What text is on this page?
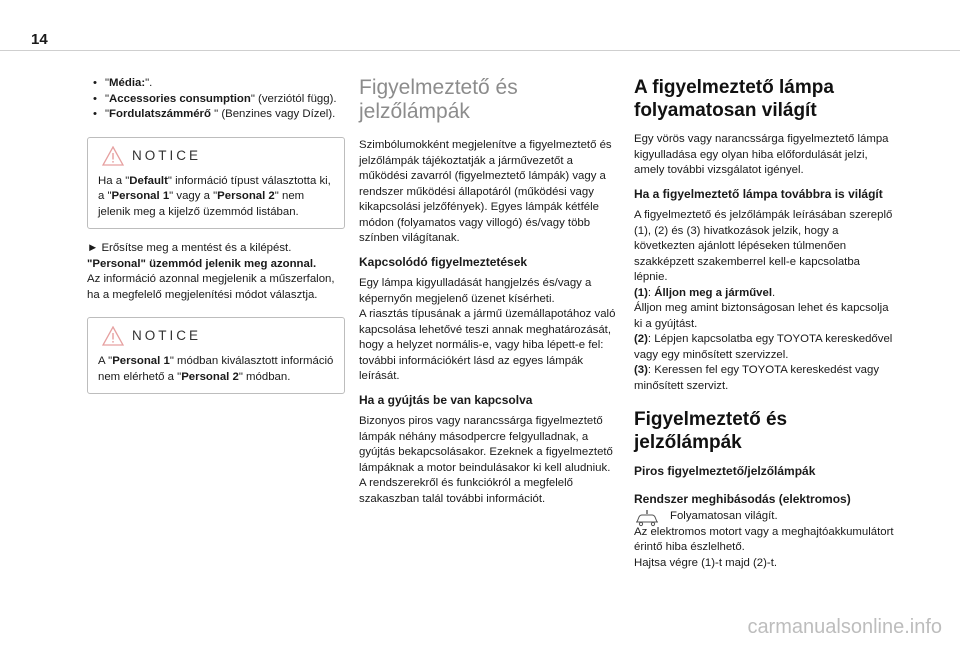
14
• "Média:".
• "Accessories consumption" (verziótól függ).
• "Fordulatszámmérő " (Benzines vagy Dízel).
NOTICE

Ha a "Default" információ típust választotta ki, a "Personal 1" vagy a "Personal 2" nem jelenik meg a kijelző üzemmód listában.

► Erősítse meg a mentést és a kilépést.

"Personal" üzemmód jelenik meg azonnal.

Az információ azonnal megjelenik a műszerfalon, ha a megfelelő megjelenítési módot választja.

NOTICE

A "Personal 1" módban kiválasztott információ nem elérhető a "Personal 2" módban.

Figyelmeztető és jelzőlámpák

Szimbólumokként megjelenítve a figyelmeztető és jelzőlámpák tájékoztatják a járművezetőt a működési zavarról (figyelmeztető lámpák) vagy a rendszer működési állapotáról (működési vagy kikapcsolási jelzőfények). Egyes lámpák kétféle módon (folyamatos vagy villogó) és/vagy több színben világítanak.

Kapcsolódó figyelmeztetések

Egy lámpa kigyulladását hangjelzés és/vagy a képernyőn megjelenő üzenet kísérheti.

A riasztás típusának a jármű üzemállapotához való kapcsolása lehetővé teszi annak meghatározását, hogy a helyzet normális-e, vagy hiba lépett-e fel: további információkért lásd az egyes lámpák leírását.

Ha a gyújtás be van kapcsolva

Bizonyos piros vagy narancssárga figyelmeztető lámpák néhány másodpercre felgyulladnak, a gyújtás bekapcsolásakor. Ezeknek a figyelmeztető lámpáknak a motor beindulásakor ki kell aludniuk.

A rendszerekről és funkciókról a megfelelő szakaszban talál további információt.

A figyelmeztető lámpa folyamatosan világít

Egy vörös vagy narancssárga figyelmeztető lámpa kigyulladása egy olyan hiba előfordulását jelzi, amely további vizsgálatot igényel.

Ha a figyelmeztető lámpa továbbra is világít

A figyelmeztető és jelzőlámpák leírásában szereplő (1), (2) és (3) hivatkozások jelzik, hogy a következten ajánlott lépéseken túlmenően szakképzett szakemberrel kell-e kapcsolatba lépnie.

(1): Álljon meg a járművel.

Álljon meg amint biztonságosan lehet és kapcsolja ki a gyújtást.

(2): Lépjen kapcsolatba egy TOYOTA kereskedővel vagy egy minősített szervizzel.

(3): Keressen fel egy TOYOTA kereskedést vagy minősített szervizt.

Figyelmeztető és jelzőlámpák
Piros figyelmeztető/jelzőlámpák
Rendszer meghibásodás (elektromos)

Folyamatosan világít.

Az elektromos motort vagy a meghajtóakkumulátort érintő hiba észlelhető.

Hajtsa végre (1)-t majd (2)-t.

carmanualsonline.info
